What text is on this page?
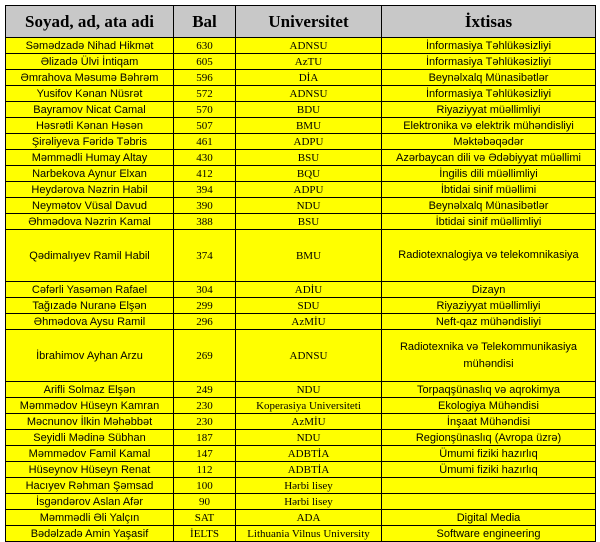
Soyad, ad, ata adi	Bal	Universitet	İxtisas
Səmədzadə Nihad Hikmət	630	ADNSU	İnformasiya Təhlükəsizliyi
Əlizadə Ülvi İntiqam	605	AzTU	İnformasiya Təhlükəsizliyi
Əmrahova Məsumə Bəhrəm	596	DİA	Beynəlxalq Münasibətlər
Yusifov Kənan Nüsrət	572	ADNSU	İnformasiya Təhlükəsizliyi
Bayramov Nicat Camal	570	BDU	Riyaziyyat müəllimliyi
Həsrətli Kənan Həsən	507	BMU	Elektronika və elektrik mühəndisliyi
Şirəliyeva Fəridə Təbris	461	ADPU	Məktəbəqədər
Məmmədli Humay Altay	430	BSU	Azərbaycan dili və Ədəbiyyat müəllimi
Narbekova Aynur Elxan	412	BQU	İngilis dili müəllimliyi
Heydərova Nəzrin Habil	394	ADPU	İbtidai sinif müəllimi
Neymətov Vüsal Davud	390	NDU	Beynəlxalq Münasibətlər
Əhmədova Nəzrin Kamal	388	BSU	İbtidai sinif müəllimliyi
Qədimalıyev Ramil Habil	374	BMU	Radiotexnalogiya və telekomnikasiya
Cəfərli Yasəmən Rafael	304	ADİU	Dizayn
Tağızadə Nuranə Elşən	299	SDU	Riyaziyyat müəllimliyi
Əhmədova Aysu Ramil	296	AzMİU	Neft-qaz mühəndisliyi
İbrahimov Ayhan Arzu	269	ADNSU	Radiotexnika və Telekommunikasiya mühəndisi
Arifli Solmaz Elşən	249	NDU	Torpaqşünaslıq və aqrokimya
Məmmədov Hüseyn Kamran	230	Koperasiya Universiteti	Ekologiya Mühəndisi
Məcnunov İlkin Məhəbbət	230	AzMİU	İnşaat Mühəndisi
Seyidli Mədinə Sübhan	187	NDU	Regionşünaslıq (Avropa üzrə)
Məmmədov Famil Kamal	147	ADBTİA	Ümumi fiziki hazırlıq
Hüseynov Hüseyn Renat	112	ADBTİA	Ümumi fiziki hazırlıq
Hacıyev Rəhman Şəmsad	100	Hərbi lisey	
İsgəndərov Aslan Afər	90	Hərbi lisey	
Məmmədli Əli Yalçın	SAT	ADA	Digital Media
Bədəlzadə Amin Yaşasif	İELTS	Lithuania Vilnus University	Software engineering
